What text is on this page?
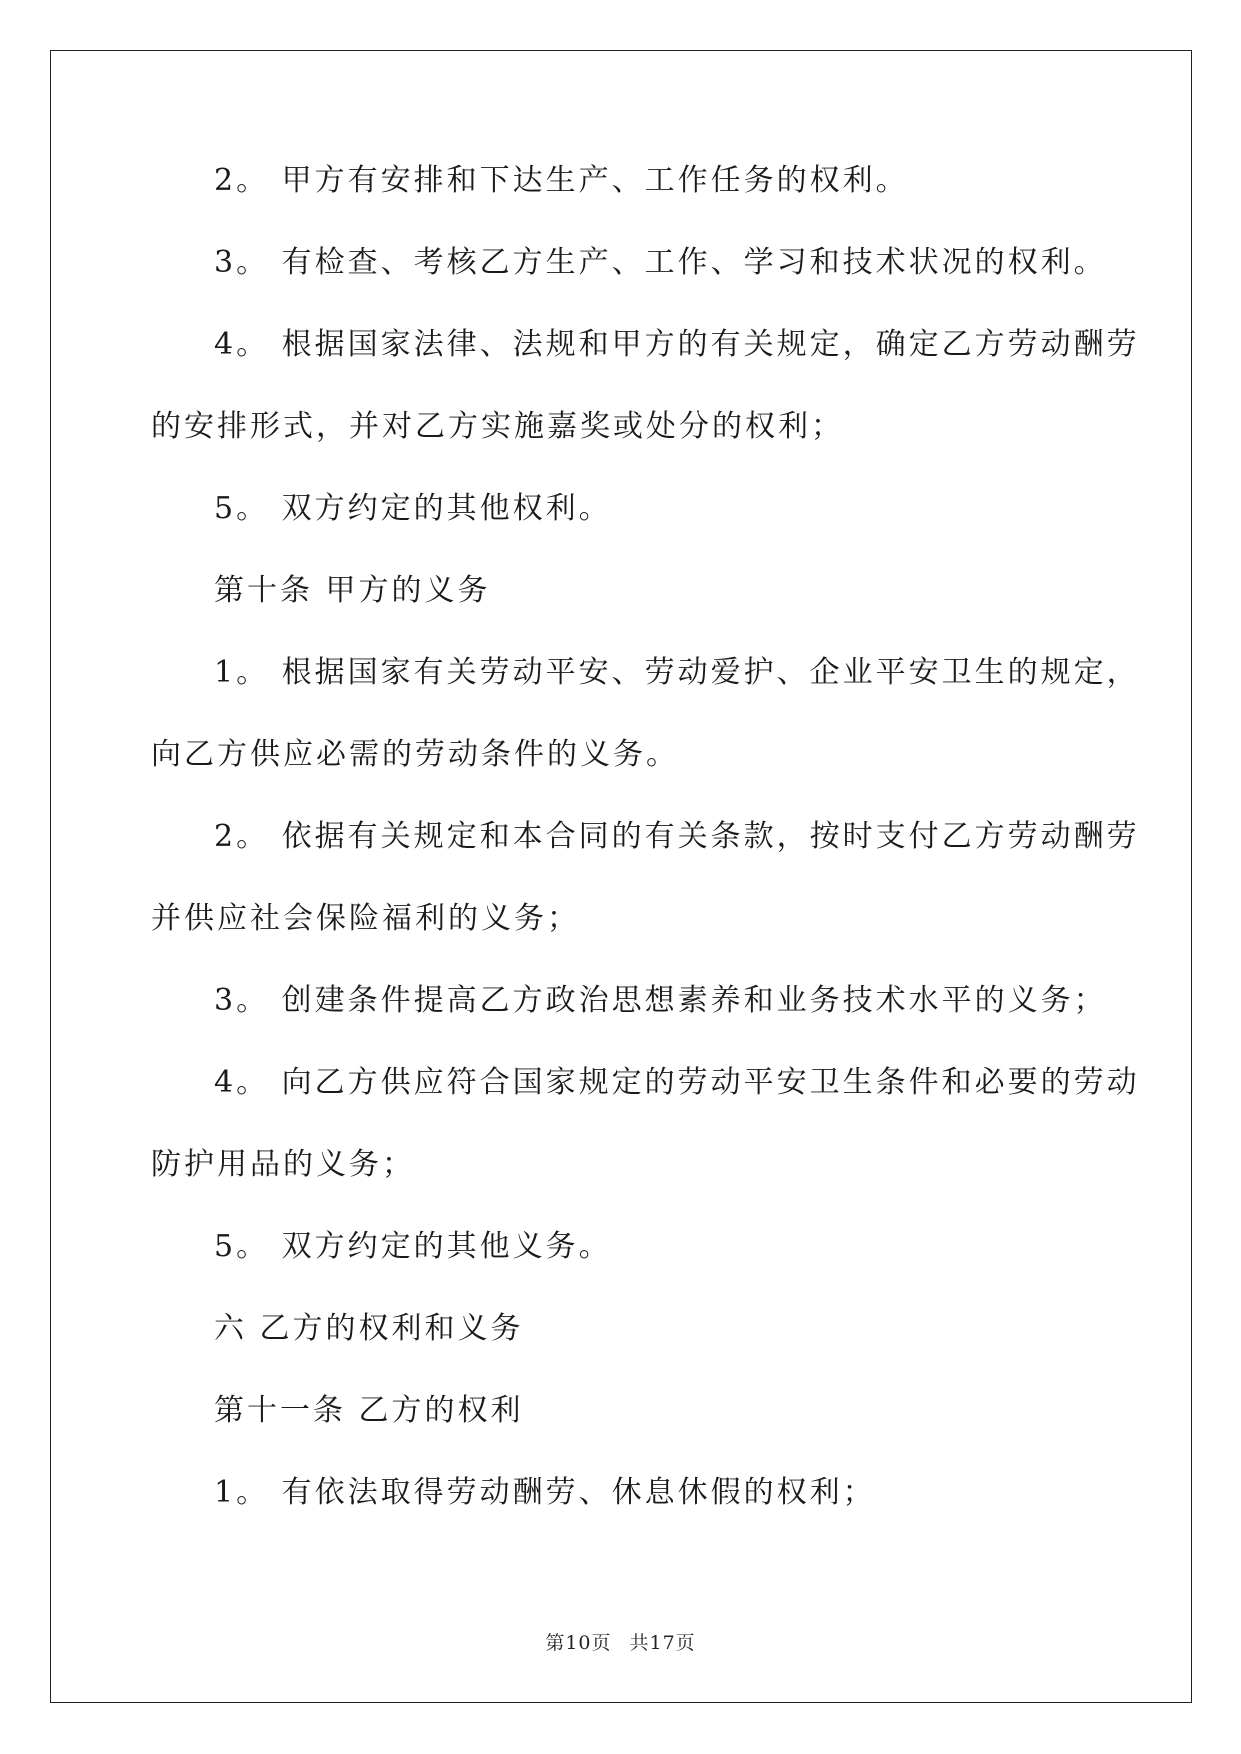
2。 甲方有安排和下达生产、工作任务的权利。
3。 有检查、考核乙方生产、工作、学习和技术状况的权利。
4。 根据国家法律、法规和甲方的有关规定，确定乙方劳动酬劳
的安排形式，并对乙方实施嘉奖或处分的权利；
5。 双方约定的其他权利。
第十条 甲方的义务
1。 根据国家有关劳动平安、劳动爱护、企业平安卫生的规定，
向乙方供应必需的劳动条件的义务。
2。 依据有关规定和本合同的有关条款，按时支付乙方劳动酬劳
并供应社会保险福利的义务；
3。 创建条件提高乙方政治思想素养和业务技术水平的义务；
4。 向乙方供应符合国家规定的劳动平安卫生条件和必要的劳动
防护用品的义务；
5。 双方约定的其他义务。
六 乙方的权利和义务
第十一条 乙方的权利
1。 有依法取得劳动酬劳、休息休假的权利；
第10页 共17页
